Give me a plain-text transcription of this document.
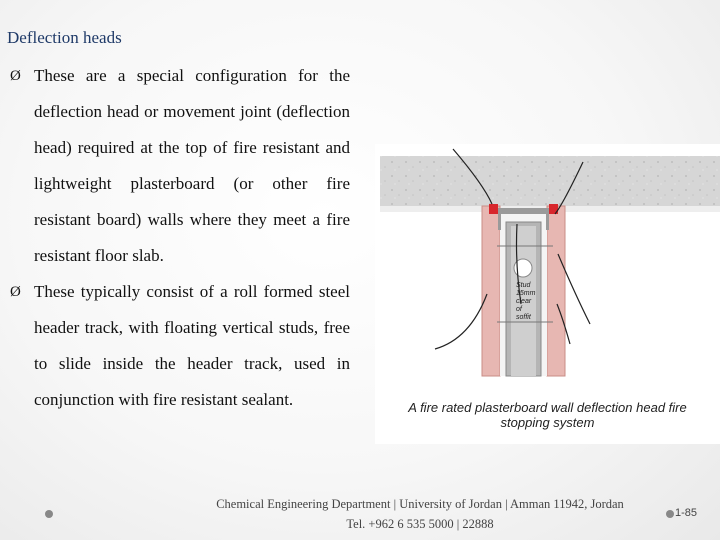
Deflection heads
Ø These are a special configuration for the deflection head or movement joint (deflection head) required at the top of fire resistant and lightweight plasterboard (or other fire resistant board) walls where they meet a fire resistant floor slab.
Ø These typically consist of a roll formed steel header track, with floating vertical studs, free to slide inside the header track, used in conjunction with fire resistant sealant.
Stud
15mm
clear
of
soffit
A fire rated plasterboard wall deflection head fire
stopping system
Chemical Engineering Department | University of Jordan | Amman 11942, Jordan
Tel. +962 6 535 5000 | 22888
1-85
